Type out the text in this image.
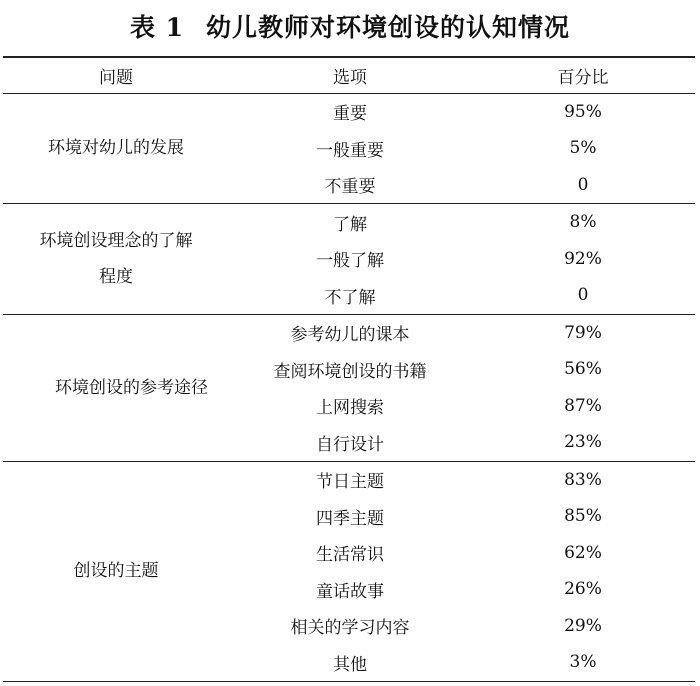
表 1 幼儿教师对环境创设的认知情况
问题	选项	百分比
环境对幼儿的发展	重要	95%
	一般重要	5%
	不重要	0
环境创设理念的了解程度	了解	8%
	一般了解	92%
	不了解	0
环境创设的参考途径	参考幼儿的课本	79%
	查阅环境创设的书籍	56%
	上网搜索	87%
	自行设计	23%
创设的主题	节日主题	83%
	四季主题	85%
	生活常识	62%
	童话故事	26%
	相关的学习内容	29%
	其他	3%
